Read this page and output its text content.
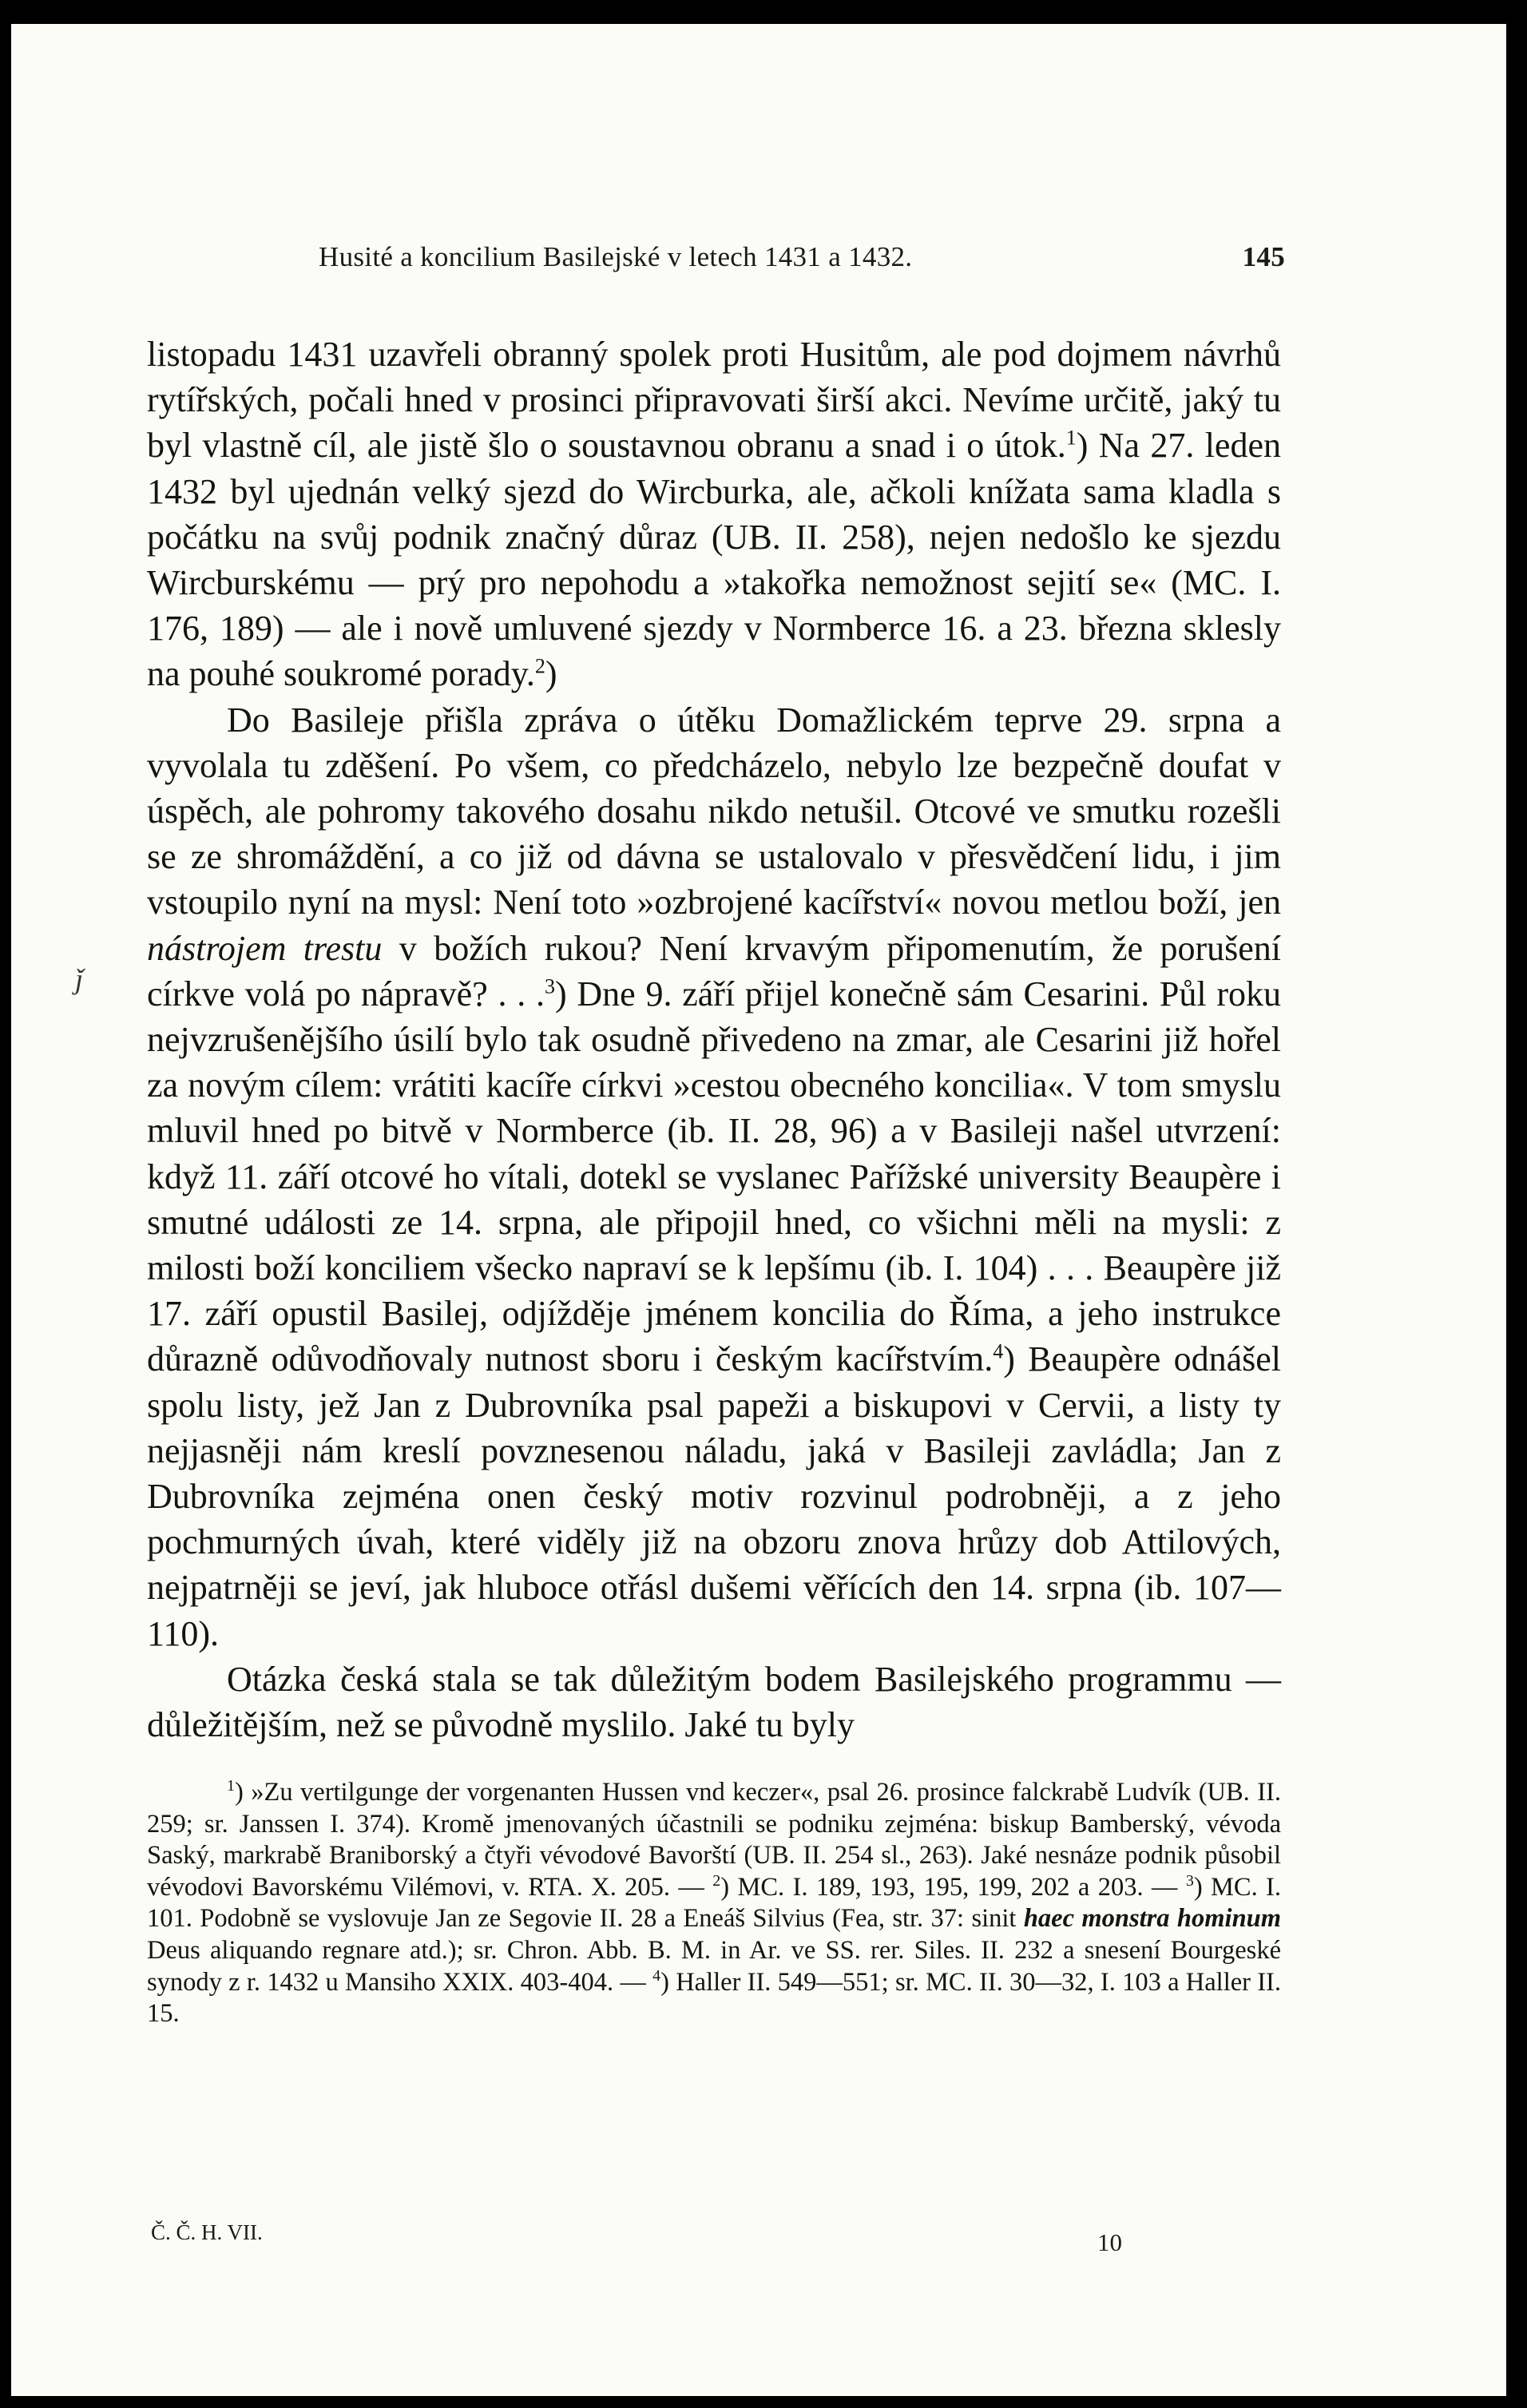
Husité a koncilium Basilejské v letech 1431 a 1432.	145
ǰ

listopadu 1431 uzavřeli obranný spolek proti Husitům, ale pod dojmem návrhů rytířských, počali hned v prosinci připravovati širší akci. Nevíme určitě, jaký tu byl vlastně cíl, ale jistě šlo o soustavnou obranu a snad i o útok.$^1$) Na 27. leden 1432 byl ujednán velký sjezd do Wircburka, ale, ačkoli knížata sama kladla s počátku na svůj podnik značný důraz (UB. II. 258), nejen nedošlo ke sjezdu Wircburskému — prý pro nepohodu a »takořka nemožnost sejití se« (MC. I. 176, 189) — ale i nově umluvené sjezdy v Normberce 16. a 23. března sklesly na pouhé soukromé porady.$^2$)

Do Basileje přišla zpráva o útěku Domažlickém teprve 29. srpna a vyvolala tu zděšení. Po všem, co předcházelo, nebylo lze bezpečně doufat v úspěch, ale pohromy takového dosahu nikdo netušil. Otcové ve smutku rozešli se ze shromáždění, a co již od dávna se ustalovalo v přesvědčení lidu, i jim vstoupilo nyní na mysl: Není toto »ozbrojené kacířství« novou metlou boží, jen nástrojem trestu v božích rukou? Není krvavým připomenutím, že porušení církve volá po nápravě? . . .$^3$) Dne 9. září přijel konečně sám Cesarini. Půl roku nejvzrušenějšího úsilí bylo tak osudně přivedeno na zmar, ale Cesarini již hořel za novým cílem: vrátiti kacíře církvi »cestou obecného koncilia«. V tom smyslu mluvil hned po bitvě v Normberce (ib. II. 28, 96) a v Basileji našel utvrzení: když 11. září otcové ho vítali, dotekl se vyslanec Pařížské university Beaupère i smutné události ze 14. srpna, ale připojil hned, co všichni měli na mysli: z milosti boží konciliem všecko napraví se k lepšímu (ib. I. 104) . . . Beaupère již 17. září opustil Basilej, odjížděje jménem koncilia do Říma, a jeho instrukce důrazně odůvodňovaly nutnost sboru i českým kacířstvím.$^4$) Beaupère odnášel spolu listy, jež Jan z Dubrovníka psal papeži a biskupovi v Cervii, a listy ty nejjasněji nám kreslí povznesenou náladu, jaká v Basileji zavládla; Jan z Dubrovníka zejména onen český motiv rozvinul podrobněji, a z jeho pochmurných úvah, které viděly již na obzoru znova hrůzy dob Attilových, nejpatrněji se jeví, jak hluboce otřásl dušemi věřících den 14. srpna (ib. 107—110).

Otázka česká stala se tak důležitým bodem Basilejského programmu — důležitějším, než se původně myslilo. Jaké tu byly

$^1$) »Zu vertilgunge der vorgenanten Hussen vnd keczer«, psal 26. prosince falckrabě Ludvík (UB. II. 259; sr. Janssen I. 374). Kromě jmenovaných účastnili se podniku zejména: biskup Bamberský, vévoda Saský, markrabě Braniborský a čtyři vévodové Bavorští (UB. II. 254 sl., 263). Jaké nesnáze podnik působil vévodovi Bavorskému Vilémovi, v. RTA. X. 205. — $^2$) MC. I. 189, 193, 195, 199, 202 a 203. — $^3$) MC. I. 101. Podobně se vyslovuje Jan ze Segovie II. 28 a Eneáš Silvius (Fea, str. 37: sinit haec monstra hominum Deus aliquando regnare atd.); sr. Chron. Abb. B. M. in Ar. ve SS. rer. Siles. II. 232 a snesení Bourgeské synody z r. 1432 u Mansiho XXIX. 403-404. — $^4$) Haller II. 549—551; sr. MC. II. 30—32, I. 103 a Haller II. 15.

Č. Č. H. VII.	10
